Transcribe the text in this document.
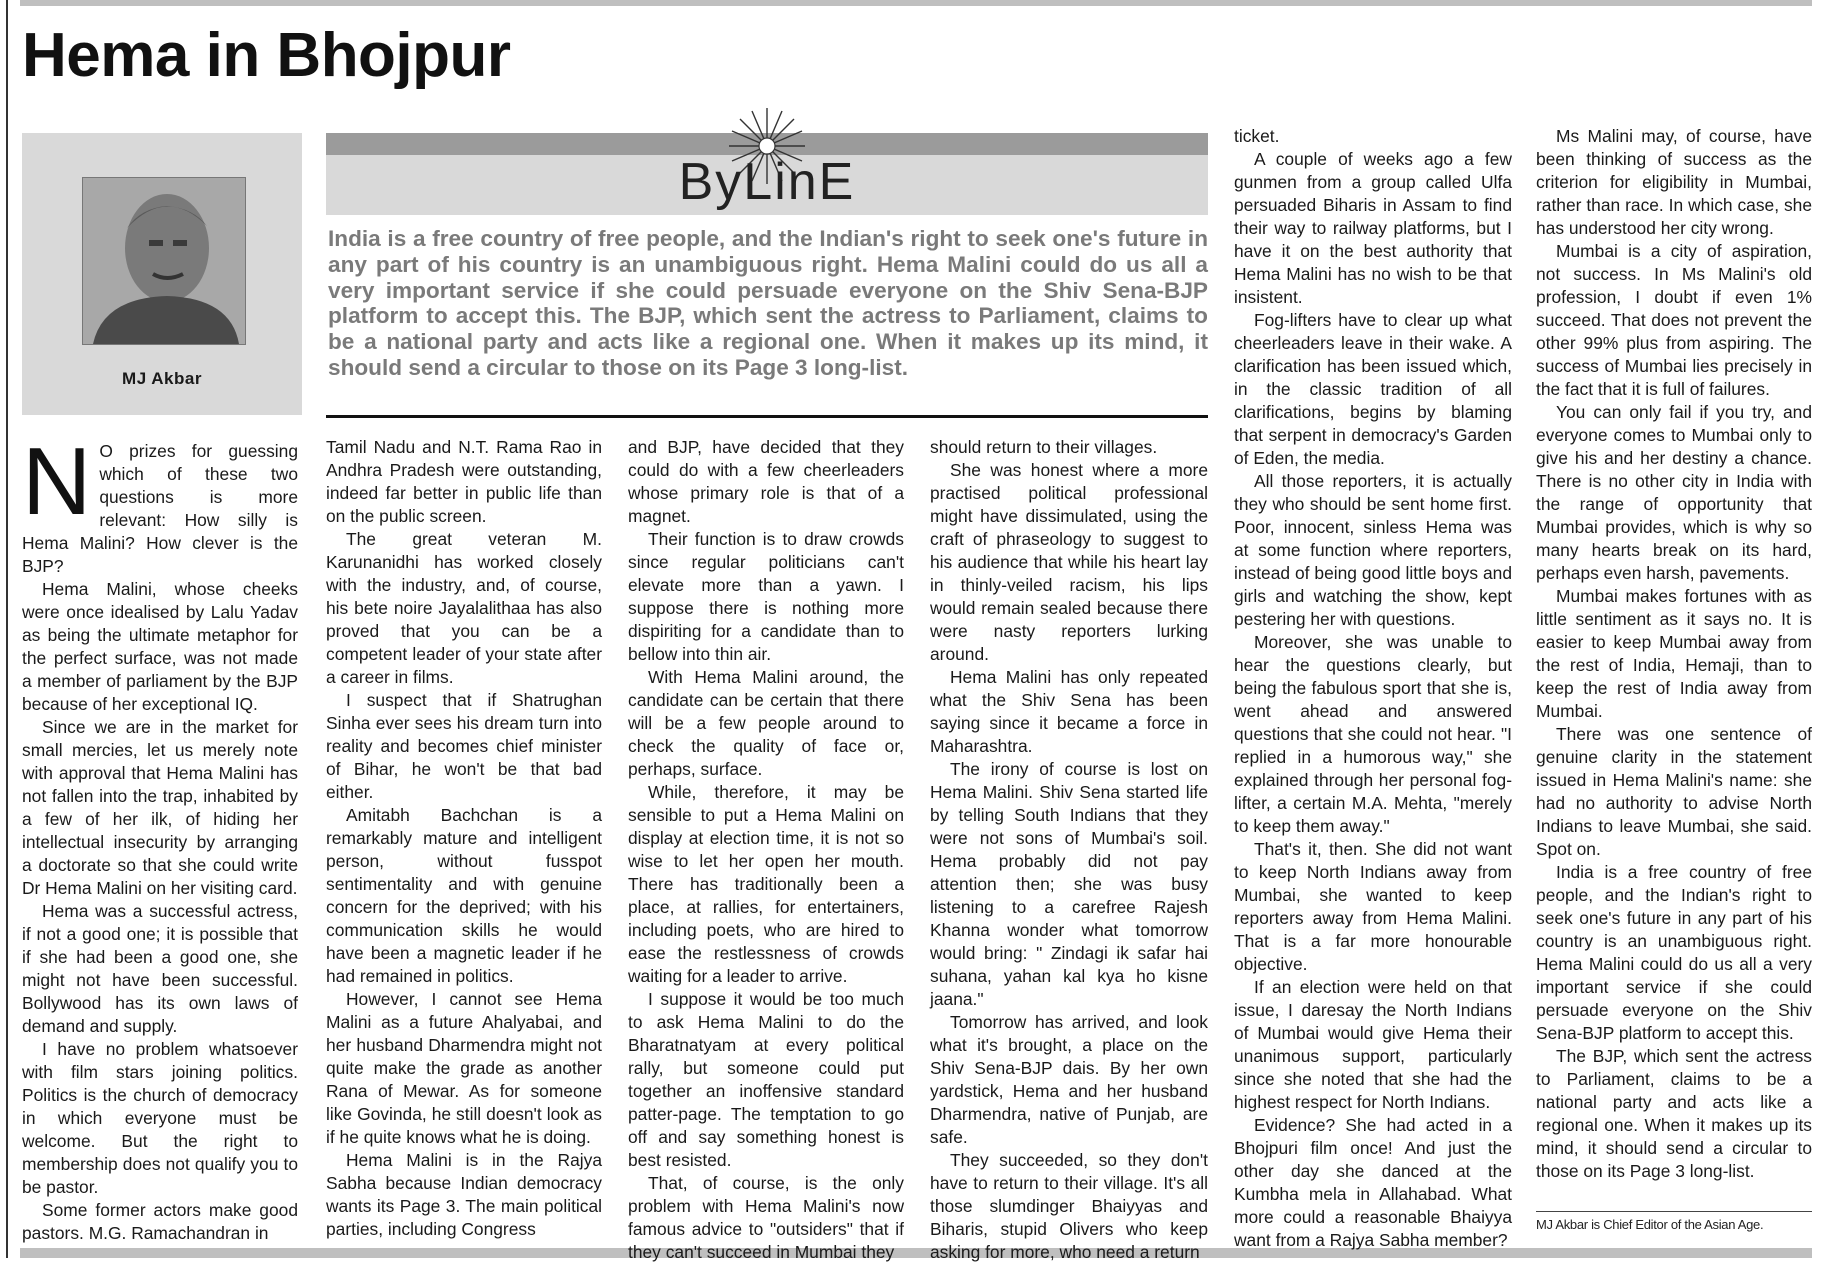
Hema in Bhojpur
MJ Akbar
ByLinE

India is a free country of free people, and the Indian's right to seek one's future in any part of his country is an unambiguous right. Hema Malini could do us all a very important service if she could persuade everyone on the Shiv Sena-BJP platform to accept this. The BJP, which sent the actress to Parliament, claims to be a national party and acts like a regional one. When it makes up its mind, it should send a circular to those on its Page 3 long-list.

N O prizes for guessing which of these two questions is more relevant: How silly is Hema Malini? How clever is the BJP?

Hema Malini, whose cheeks were once idealised by Lalu Yadav as being the ultimate metaphor for the perfect surface, was not made a member of parliament by the BJP because of her exceptional IQ.

Since we are in the market for small mercies, let us merely note with approval that Hema Malini has not fallen into the trap, inhabited by a few of her ilk, of hiding her intellectual insecurity by arranging a doctorate so that she could write Dr Hema Malini on her visiting card.

Hema was a successful actress, if not a good one; it is possible that if she had been a good one, she might not have been successful. Bollywood has its own laws of demand and supply.

I have no problem whatsoever with film stars joining politics. Politics is the church of democracy in which everyone must be welcome. But the right to membership does not qualify you to be pastor.

Some former actors make good pastors. M.G. Ramachandran in

Tamil Nadu and N.T. Rama Rao in Andhra Pradesh were outstanding, indeed far better in public life than on the public screen.

The great veteran M. Karunanidhi has worked closely with the industry, and, of course, his bete noire Jayalalithaa has also proved that you can be a competent leader of your state after a career in films.

I suspect that if Shatrughan Sinha ever sees his dream turn into reality and becomes chief minister of Bihar, he won't be that bad either.

Amitabh Bachchan is a remarkably mature and intelligent person, without fusspot sentimentality and with genuine concern for the deprived; with his communication skills he would have been a magnetic leader if he had remained in politics.

However, I cannot see Hema Malini as a future Ahalyabai, and her husband Dharmendra might not quite make the grade as another Rana of Mewar. As for someone like Govinda, he still doesn't look as if he quite knows what he is doing.

Hema Malini is in the Rajya Sabha because Indian democracy wants its Page 3. The main political parties, including Congress

and BJP, have decided that they could do with a few cheerleaders whose primary role is that of a magnet.

Their function is to draw crowds since regular politicians can't elevate more than a yawn. I suppose there is nothing more dispiriting for a candidate than to bellow into thin air.

With Hema Malini around, the candidate can be certain that there will be a few people around to check the quality of face or, perhaps, surface.

While, therefore, it may be sensible to put a Hema Malini on display at election time, it is not so wise to let her open her mouth. There has traditionally been a place, at rallies, for entertainers, including poets, who are hired to ease the restlessness of crowds waiting for a leader to arrive.

I suppose it would be too much to ask Hema Malini to do the Bharatnatyam at every political rally, but someone could put together an inoffensive standard patter-page. The temptation to go off and say something honest is best resisted.

That, of course, is the only problem with Hema Malini's now famous advice to "outsiders" that if they can't succeed in Mumbai they

should return to their villages.

She was honest where a more practised political professional might have dissimulated, using the craft of phraseology to suggest to his audience that while his heart lay in thinly-veiled racism, his lips would remain sealed because there were nasty reporters lurking around.

Hema Malini has only repeated what the Shiv Sena has been saying since it became a force in Maharashtra.

The irony of course is lost on Hema Malini. Shiv Sena started life by telling South Indians that they were not sons of Mumbai's soil. Hema probably did not pay attention then; she was busy listening to a carefree Rajesh Khanna wonder what tomorrow would bring: " Zindagi ik safar hai suhana, yahan kal kya ho kisne jaana."

Tomorrow has arrived, and look what it's brought, a place on the Shiv Sena-BJP dais. By her own yardstick, Hema and her husband Dharmendra, native of Punjab, are safe.

They succeeded, so they don't have to return to their village. It's all those slumdinger Bhaiyyas and Biharis, stupid Olivers who keep asking for more, who need a return

ticket.

A couple of weeks ago a few gunmen from a group called Ulfa persuaded Biharis in Assam to find their way to railway platforms, but I have it on the best authority that Hema Malini has no wish to be that insistent.

Fog-lifters have to clear up what cheerleaders leave in their wake. A clarification has been issued which, in the classic tradition of all clarifications, begins by blaming that serpent in democracy's Garden of Eden, the media.

All those reporters, it is actually they who should be sent home first. Poor, innocent, sinless Hema was at some function where reporters, instead of being good little boys and girls and watching the show, kept pestering her with questions.

Moreover, she was unable to hear the questions clearly, but being the fabulous sport that she is, went ahead and answered questions that she could not hear. "I replied in a humorous way," she explained through her personal fog-lifter, a certain M.A. Mehta, "merely to keep them away."

That's it, then. She did not want to keep North Indians away from Mumbai, she wanted to keep reporters away from Hema Malini. That is a far more honourable objective.

If an election were held on that issue, I daresay the North Indians of Mumbai would give Hema their unanimous support, particularly since she noted that she had the highest respect for North Indians.

Evidence? She had acted in a Bhojpuri film once! And just the other day she danced at the Kumbha mela in Allahabad. What more could a reasonable Bhaiyya want from a Rajya Sabha member?

Ms Malini may, of course, have been thinking of success as the criterion for eligibility in Mumbai, rather than race. In which case, she has understood her city wrong.

Mumbai is a city of aspiration, not success. In Ms Malini's old profession, I doubt if even 1% succeed. That does not prevent the other 99% plus from aspiring. The success of Mumbai lies precisely in the fact that it is full of failures.

You can only fail if you try, and everyone comes to Mumbai only to give his and her destiny a chance. There is no other city in India with the range of opportunity that Mumbai provides, which is why so many hearts break on its hard, perhaps even harsh, pavements.

Mumbai makes fortunes with as little sentiment as it says no. It is easier to keep Mumbai away from the rest of India, Hemaji, than to keep the rest of India away from Mumbai.

There was one sentence of genuine clarity in the statement issued in Hema Malini's name: she had no authority to advise North Indians to leave Mumbai, she said. Spot on.

India is a free country of free people, and the Indian's right to seek one's future in any part of his country is an unambiguous right. Hema Malini could do us all a very important service if she could persuade everyone on the Shiv Sena-BJP platform to accept this.

The BJP, which sent the actress to Parliament, claims to be a national party and acts like a regional one. When it makes up its mind, it should send a circular to those on its Page 3 long-list.

MJ Akbar is Chief Editor of the Asian Age.
